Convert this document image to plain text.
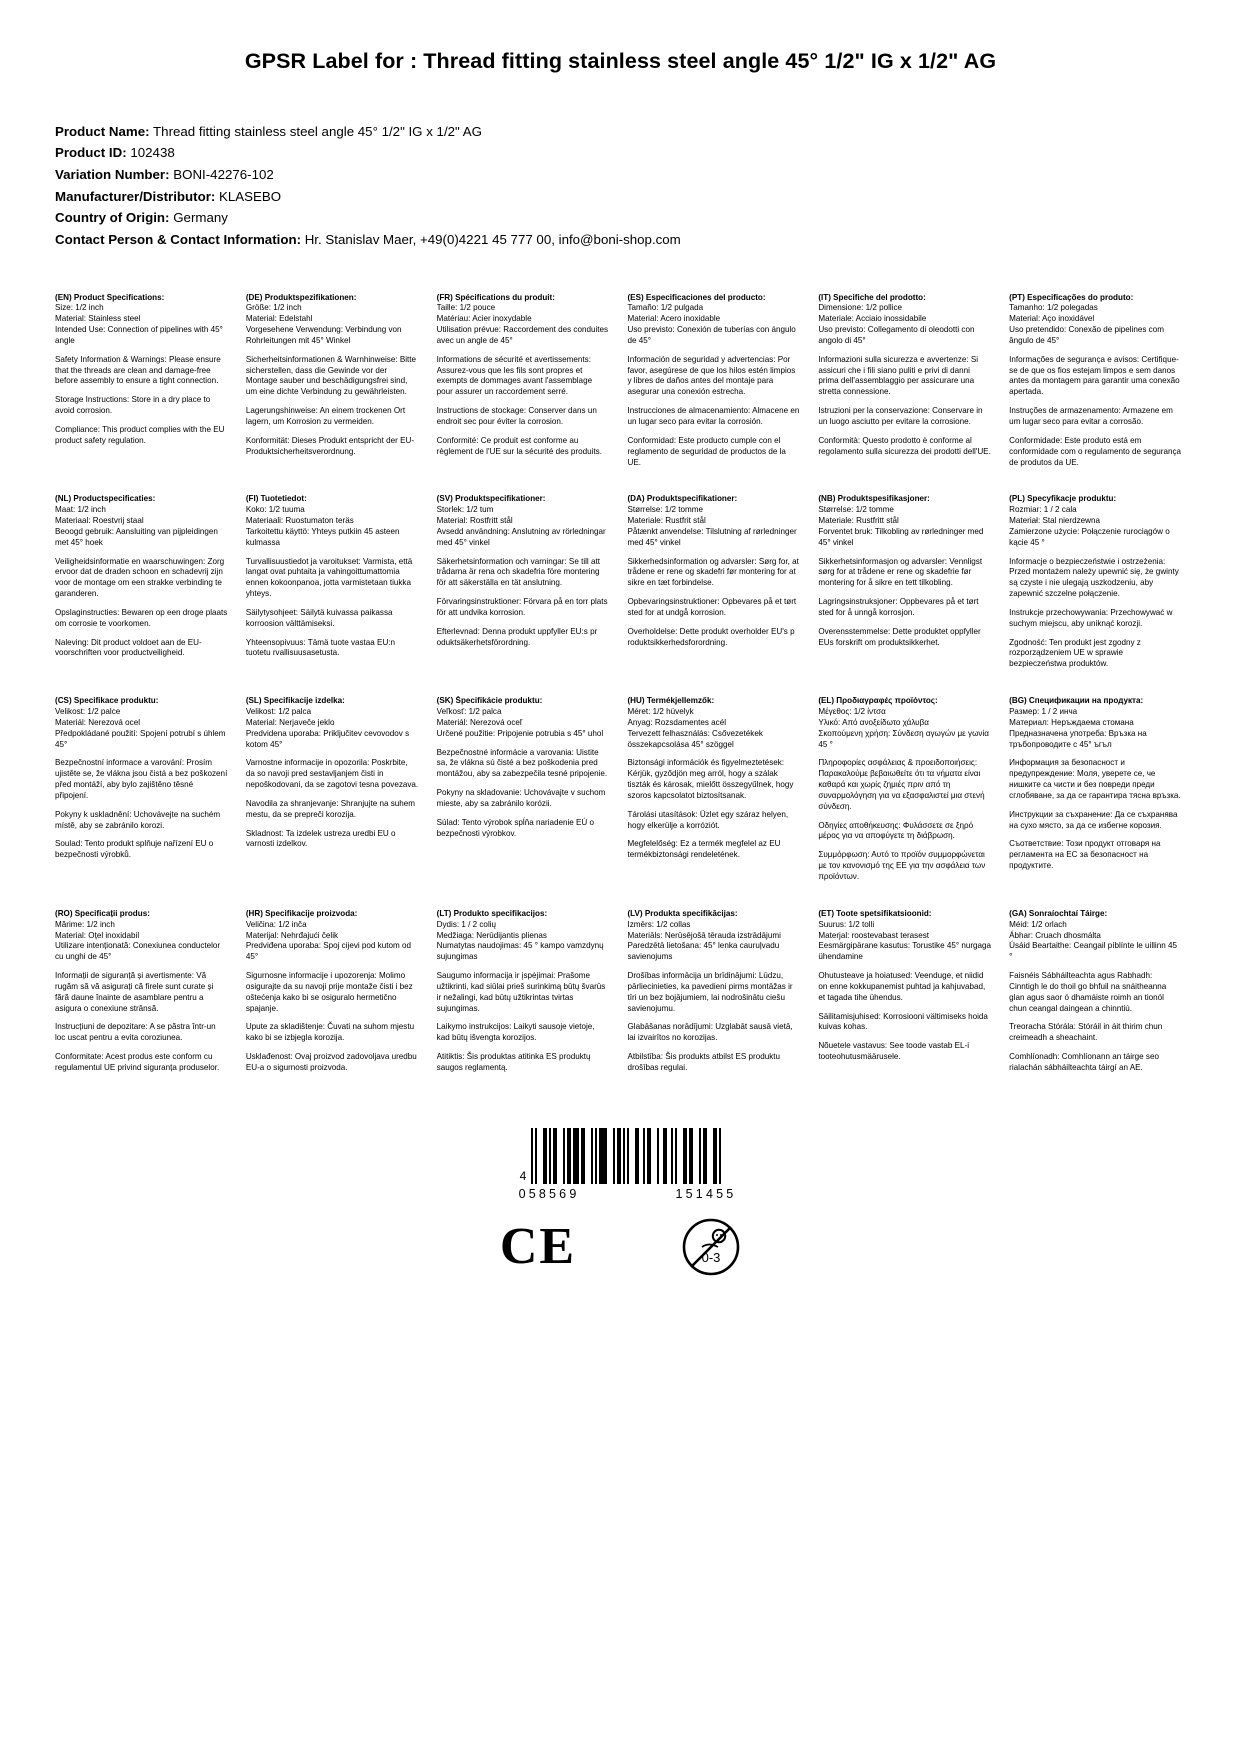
GPSR Label for : Thread fitting stainless steel angle 45° 1/2" IG x 1/2" AG
Product Name: Thread fitting stainless steel angle 45° 1/2" IG x 1/2" AG
Product ID: 102438
Variation Number: BONI-42276-102
Manufacturer/Distributor: KLASEBO
Country of Origin: Germany
Contact Person & Contact Information: Hr. Stanislav Maer, +49(0)4221 45 777 00, info@boni-shop.com
(EN) Product Specifications:

Size: 1/2 inch

Material: Stainless steel

Intended Use: Connection of pipelines with 45° angle

Safety Information & Warnings: Please ensure that the threads are clean and damage-free before assembly to ensure a tight connection.

Storage Instructions: Store in a dry place to avoid corrosion.

Compliance: This product complies with the EU product safety regulation.

(DE) Produktspezifikationen:

Größe: 1/2 inch

Material: Edelstahl

Vorgesehene Verwendung: Verbindung von Rohrleitungen mit 45° Winkel

Sicherheitsinformationen & Warnhinweise: Bitte sicherstellen, dass die Gewinde vor der Montage sauber und beschädigungsfrei sind, um eine dichte Verbindung zu gewährleisten.

Lagerungshinweise: An einem trockenen Ort lagern, um Korrosion zu vermeiden.

Konformität: Dieses Produkt entspricht der EU-Produktsicherheitsverordnung.

(FR) Spécifications du produit:

Taille: 1/2 pouce

Matériau: Acier inoxydable

Utilisation prévue: Raccordement des conduites avec un angle de 45°

Informations de sécurité et avertissements: Assurez-vous que les fils sont propres et exempts de dommages avant l'assemblage pour assurer un raccordement serré.

Instructions de stockage: Conserver dans un endroit sec pour éviter la corrosion.

Conformité: Ce produit est conforme au règlement de l'UE sur la sécurité des produits.

(ES) Especificaciones del producto:

Tamaño: 1/2 pulgada

Material: Acero inoxidable

Uso previsto: Conexión de tuberías con ángulo de 45°

Información de seguridad y advertencias: Por favor, asegúrese de que los hilos estén limpios y libres de daños antes del montaje para asegurar una conexión estrecha.

Instrucciones de almacenamiento: Almacene en un lugar seco para evitar la corrosión.

Conformidad: Este producto cumple con el reglamento de seguridad de productos de la UE.

(IT) Specifiche del prodotto:

Dimensione: 1/2 pollice

Materiale: Acciaio inossidabile

Uso previsto: Collegamento di oleodotti con angolo di 45°

Informazioni sulla sicurezza e avvertenze: Si assicuri che i fili siano puliti e privi di danni prima dell'assemblaggio per assicurare una stretta connessione.

Istruzioni per la conservazione: Conservare in un luogo asciutto per evitare la corrosione.

Conformità: Questo prodotto è conforme al regolamento sulla sicurezza dei prodotti dell'UE.

(PT) Especificações do produto:

Tamanho: 1/2 polegadas

Material: Aço inoxidável

Uso pretendido: Conexão de pipelines com ângulo de 45°

Informações de segurança e avisos: Certifique-se de que os fios estejam limpos e sem danos antes da montagem para garantir uma conexão apertada.

Instruções de armazenamento: Armazene em um lugar seco para evitar a corrosão.

Conformidade: Este produto está em conformidade com o regulamento de segurança de produtos da UE.

(NL) Productspecificaties:

Maat: 1/2 inch

Materiaal: Roestvrij staal

Beoogd gebruik: Aansluiting van pijpleidingen met 45° hoek

Veiligheidsinformatie en waarschuwingen: Zorg ervoor dat de draden schoon en schadevrij zijn voor de montage om een strakke verbinding te garanderen.

Opslaginstructies: Bewaren op een droge plaats om corrosie te voorkomen.

Naleving: Dit product voldoet aan de EU-voorschriften voor productveiligheid.

(FI) Tuotetiedot:

Koko: 1/2 tuuma

Materiaali: Ruostumaton teräs

Tarkoitettu käyttö: Yhteys putkiin 45 asteen kulmassa

Turvallisuustiedot ja varoitukset: Varmista, että langat ovat puhtaita ja vahingoittumattomia ennen kokoonpanoa, jotta varmistetaan tiukka yhteys.

Säilytysohjeet: Säilytä kuivassa paikassa korroosion välttämiseksi.

Yhteensopivuus: Tämä tuote vastaa EU:n tuotetu rvallisuusasetusta.

(SV) Produktspecifikationer:

Storlek: 1/2 tum

Material: Rostfritt stål

Avsedd användning: Anslutning av rörledningar med 45° vinkel

Säkerhetsinformation och varningar: Se till att trådarna är rena och skadefria före montering för att säkerställa en tät anslutning.

Förvaringsinstruktioner: Förvara på en torr plats för att undvika korrosion.

Efterlevnad: Denna produkt uppfyller EU:s pr oduktsäkerhetsförordning.

(DA) Produktspecifikationer:

Størrelse: 1/2 tomme

Materiale: Rustfrit stål

Påtænkt anvendelse: Tilslutning af rørledninger med 45° vinkel

Sikkerhedsinformation og advarsler: Sørg for, at trådene er rene og skadefri før montering for at sikre en tæt forbindelse.

Opbevaringsinstruktioner: Opbevares på et tørt sted for at undgå korrosion.

Overholdelse: Dette produkt overholder EU's p roduktsikkerhedsforordning.

(NB) Produktspesifikasjoner:

Størrelse: 1/2 tomme

Materiale: Rustfritt stål

Forventet bruk: Tilkobling av rørledninger med 45° vinkel

Sikkerhetsinformasjon og advarsler: Vennligst sørg for at trådene er rene og skadefrie før montering for å sikre en tett tilkobling.

Lagringsinstruksjoner: Oppbevares på et tørt sted for å unngå korrosjon.

Overensstemmelse: Dette produktet oppfyller EUs forskrift om produktsikkerhet.

(PL) Specyfikacje produktu:

Rozmiar: 1 / 2 cala

Materiał: Stal nierdzewna

Zamierzone użycie: Połączenie rurociągów o kącie 45 °

Informacje o bezpieczeństwie i ostrzeżenia: Przed montażem należy upewnić się, że gwinty są czyste i nie ulegają uszkodzeniu, aby zapewnić szczelne połączenie.

Instrukcje przechowywania: Przechowywać w suchym miejscu, aby uniknąć korozji.

Zgodność: Ten produkt jest zgodny z rozporządzeniem UE w sprawie bezpieczeństwa produktów.

(CS) Specifikace produktu:

Velikost: 1/2 palce

Materiál: Nerezová ocel

Předpokládané použití: Spojení potrubí s úhlem 45°

Bezpečnostní informace a varování: Prosím ujistěte se, že vlákna jsou čistá a bez poškození před montáží, aby bylo zajištěno těsné připojení.

Pokyny k uskladnění: Uchovávejte na suchém místě, aby se zabránilo korozi.

Soulad: Tento produkt splňuje nařízení EU o bezpečnosti výrobků.

(SL) Specifikacije izdelka:

Velikost: 1/2 palca

Material: Nerjaveče jeklo

Predvidena uporaba: Priključitev cevovodov s kotom 45°

Varnostne informacije in opozorila: Poskrbite, da so navoji pred sestavljanjem čisti in nepoškodovani, da se zagotovi tesna povezava.

Navodila za shranjevanje: Shranjujte na suhem mestu, da se prepreči korozija.

Skladnost: Ta izdelek ustreza uredbi EU o varnosti izdelkov.

(SK) Špecifikácie produktu:

Veľkosť: 1/2 palca

Materiál: Nerezová oceľ

Určené použitie: Pripojenie potrubia s 45° uhol

Bezpečnostné informácie a varovania: Uistite sa, že vlákna sú čisté a bez poškodenia pred montážou, aby sa zabezpečila tesné pripojenie.

Pokyny na skladovanie: Uchovávajte v suchom mieste, aby sa zabránilo korózii.

Súlad: Tento výrobok spĺňa nariadenie EÚ o bezpečnosti výrobkov.

(HU) Termékjellemzők:

Méret: 1/2 hüvelyk

Anyag: Rozsdamentes acél

Tervezett felhasználás: Csővezetékek összekapcsolása 45° szöggel

Biztonsági információk és figyelmeztetések: Kérjük, gyződjön meg arról, hogy a szálak tiszták és károsak, mielőtt összegyűlnek, hogy szoros kapcsolatot biztosítsanak.

Tárolási utasítások: Üzlet egy száraz helyen, hogy elkerülje a korróziót.

Megfelelőség: Ez a termék megfelel az EU termékbiztonsági rendeletének.

(EL) Προδιαγραφές προϊόντος:

Μέγεθος: 1/2 ίντσα

Υλικό: Από ανοξείδωτο χάλυβα

Σκοπούμενη χρήση: Σύνδεση αγωγών με γωνία 45 °

Πληροφορίες ασφάλειας & προειδοποιήσεις: Παρακαλούμε βεβαιωθείτε ότι τα νήματα είναι καθαρά και χωρίς ζημιές πριν από τη συναρμολόγηση για να εξασφαλιστεί μια στενή σύνδεση.

Οδηγίες αποθήκευσης: Φυλάσσετε σε ξηρό μέρος για να αποφύγετε τη διάβρωση.

Συμμόρφωση: Αυτό το προϊόν συμμορφώνεται με τον κανονισμό της ΕΕ για την ασφάλεια των προϊόντων.

(BG) Спецификации на продукта:

Размер: 1 / 2 инча

Материал: Неръждаема стомана

Предназначена употреба: Връзка на тръбопроводите с 45° ъгъл

Информация за безопасност и предупреждение: Моля, уверете се, че нишките са чисти и без повреди преди сглобяване, за да се гарантира тясна връзка.

Инструкции за съхранение: Да се съхранява на сухо място, за да се избегне корозия.

Съответствие: Този продукт отговаря на регламента на ЕС за безопасност на продуктите.

(RO) Specificații produs:

Mărime: 1/2 inch

Material: Oțel inoxidabil

Utilizare intenționată: Conexiunea conductelor cu unghi de 45°

Informații de siguranță și avertismente: Vă rugăm să vă asigurați că firele sunt curate și fără daune înainte de asamblare pentru a asigura o conexiune strânsă.

Instrucțiuni de depozitare: A se păstra într-un loc uscat pentru a evita coroziunea.

Conformitate: Acest produs este conform cu regulamentul UE privind siguranța produselor.

(HR) Specifikacije proizvoda:

Veličina: 1/2 inča

Materijal: Nehrđajući čelik

Predviđena uporaba: Spoj cijevi pod kutom od 45°

Sigurnosne informacije i upozorenja: Molimo osigurajte da su navoji prije montaže čisti i bez oštećenja kako bi se osiguralo hermetično spajanje.

Upute za skladištenje: Čuvati na suhom mjestu kako bi se izbjegla korozija.

Usklađenost: Ovaj proizvod zadovoljava uredbu EU-a o sigurnosti proizvoda.

(LT) Produkto specifikacijos:

Dydis: 1 / 2 colių

Medžiaga: Nerūdijantis plienas

Numatytas naudojimas: 45 ° kampo vamzdynų sujungimas

Saugumo informacija ir įspėjimai: Prašome užtikrinti, kad siūlai prieš surinkimą būtų švarūs ir nežalingi, kad būtų užtikrintas tvirtas sujungimas.

Laikymo instrukcijos: Laikyti sausoje vietoje, kad būtų išvengta korozijos.

Atitiktis: Šis produktas atitinka ES produktų saugos reglamentą.

(LV) Produkta specifikācijas:

Izmērs: 1/2 collas

Materiāls: Nerūsējošā tērauda izstrādājumi

Paredzētā lietošana: 45° lenka cauruļvadu savienojums

Drošības informācija un brīdinājumi: Lūdzu, pārliecinieties, ka pavedieni pirms montāžas ir tīri un bez bojājumiem, lai nodrošinātu ciešu savienojumu.

Glabāšanas norādījumi: Uzglabāt sausā vietā, lai izvairītos no korozijas.

Atbilstība: Šis produkts atbilst ES produktu drošības regulai.

(ET) Toote spetsifikatsioonid:

Suurus: 1/2 tolli

Materjal: roostevabast terasest

Eesmärgipärane kasutus: Torustike 45° nurgaga ühendamine

Ohutusteave ja hoiatused: Veenduge, et niidid on enne kokkupanemist puhtad ja kahjuvabad, et tagada tihe ühendus.

Säilitamisjuhised: Korrosiooni vältimiseks hoida kuivas kohas.

Nõuetele vastavus: See toode vastab EL-i tooteohutusmäärusele.

(GA) Sonraíochtaí Táirge:

Méid: 1/2 orlach

Ábhar: Cruach dhosmálta

Úsáid Beartaithe: Ceangail píblínte le uillinn 45 °

Faisnéis Sábháilteachta agus Rabhadh: Cinntigh le do thoil go bhfuil na snáitheanna glan agus saor ó dhamáiste roimh an tionól chun ceangal daingean a chinntiú.

Treoracha Stórála: Stóráil in áit thirim chun creimeadh a sheachaint.

Comhlíonadh: Comhlíonann an táirge seo rialachán sábháilteachta táirgí an AE.

4
058569	151455
CE	0-3
